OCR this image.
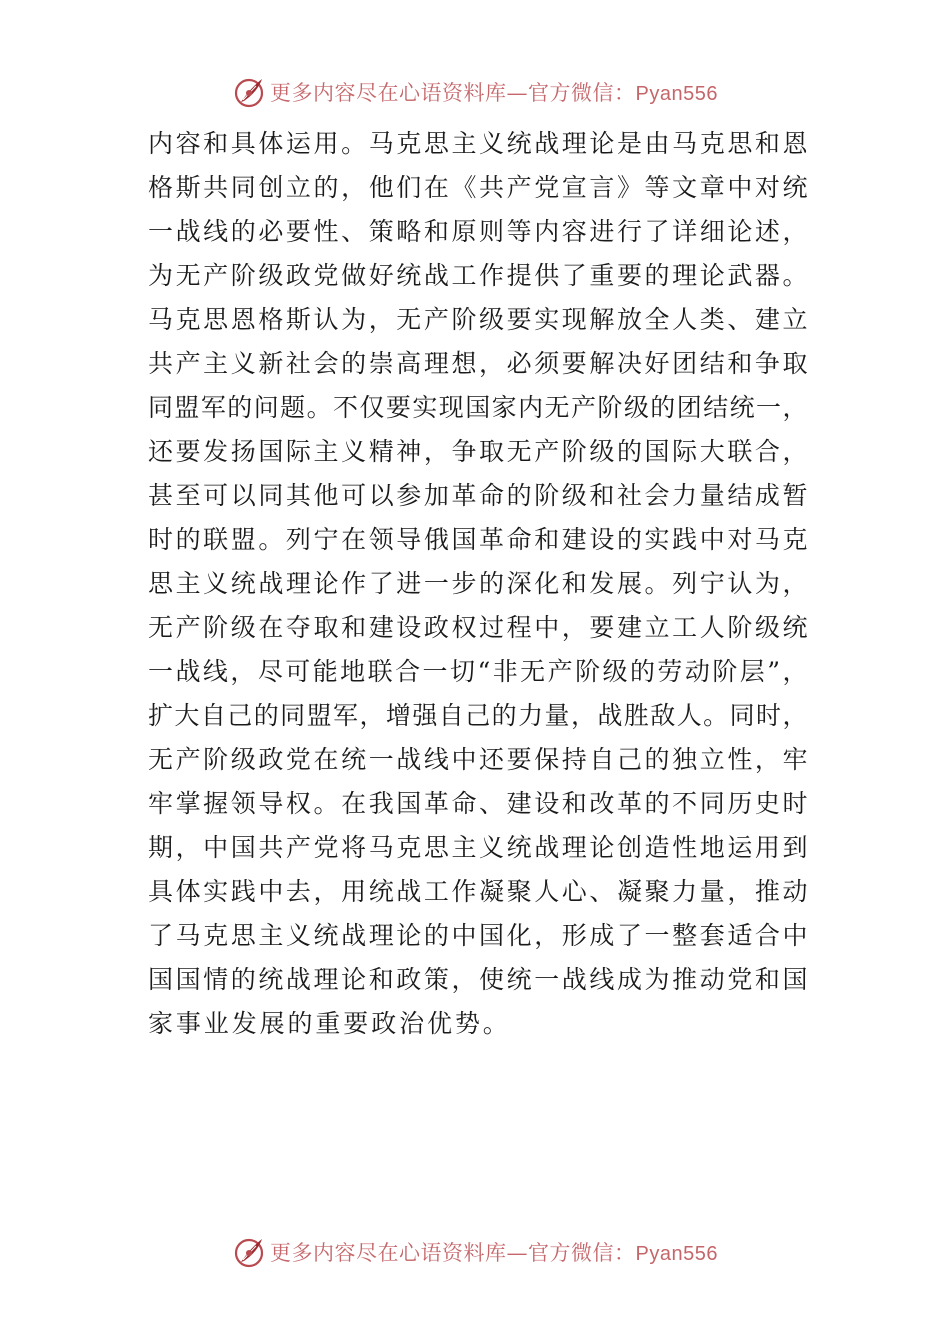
更多内容尽在心语资料库—官方微信：Pyan556
内容和具体运用。马克思主义统战理论是由马克思和恩
格斯共同创立的，他们在《共产党宣言》等文章中对统
一战线的必要性、策略和原则等内容进行了详细论述，
为无产阶级政党做好统战工作提供了重要的理论武器。
马克思恩格斯认为，无产阶级要实现解放全人类、建立
共产主义新社会的崇高理想，必须要解决好团结和争取
同盟军的问题。不仅要实现国家内无产阶级的团结统一，
还要发扬国际主义精神，争取无产阶级的国际大联合，
甚至可以同其他可以参加革命的阶级和社会力量结成暂
时的联盟。列宁在领导俄国革命和建设的实践中对马克
思主义统战理论作了进一步的深化和发展。列宁认为，
无产阶级在夺取和建设政权过程中，要建立工人阶级统
一战线，尽可能地联合一切“非无产阶级的劳动阶层”，
扩大自己的同盟军，增强自己的力量，战胜敌人。同时，
无产阶级政党在统一战线中还要保持自己的独立性，牢
牢掌握领导权。在我国革命、建设和改革的不同历史时
期，中国共产党将马克思主义统战理论创造性地运用到
具体实践中去，用统战工作凝聚人心、凝聚力量，推动
了马克思主义统战理论的中国化，形成了一整套适合中
国国情的统战理论和政策，使统一战线成为推动党和国
家事业发展的重要政治优势。
更多内容尽在心语资料库—官方微信：Pyan556
